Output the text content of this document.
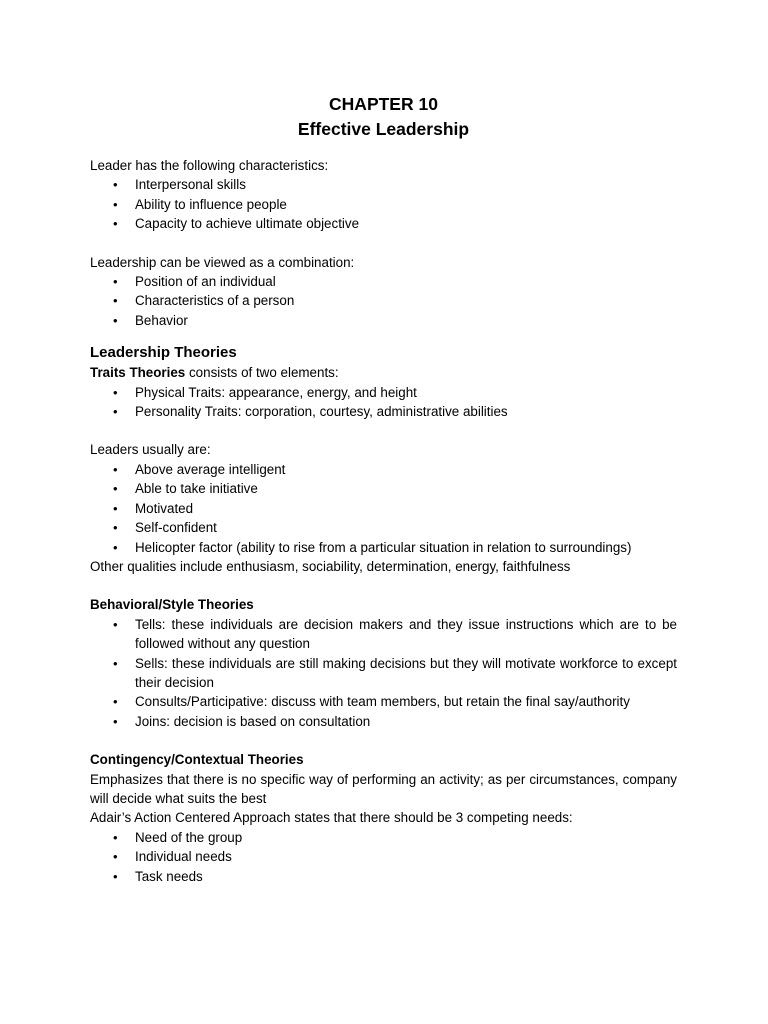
CHAPTER 10
Effective Leadership

Leader has the following characteristics:

• Interpersonal skills
• Ability to influence people
• Capacity to achieve ultimate objective

Leadership can be viewed as a combination:

• Position of an individual
• Characteristics of a person
• Behavior
Leadership Theories

Traits Theories consists of two elements:

• Physical Traits: appearance, energy, and height
• Personality Traits: corporation, courtesy, administrative abilities

Leaders usually are:

• Above average intelligent
• Able to take initiative
• Motivated
• Self-confident
• Helicopter factor (ability to rise from a particular situation in relation to surroundings)

Other qualities include enthusiasm, sociability, determination, energy, faithfulness

Behavioral/Style Theories
• Tells: these individuals are decision makers and they issue instructions which are to be followed without any question
• Sells: these individuals are still making decisions but they will motivate workforce to except their decision
• Consults/Participative: discuss with team members, but retain the final say/authority
• Joins: decision is based on consultation
Contingency/Contextual Theories

Emphasizes that there is no specific way of performing an activity; as per circumstances, company will decide what suits the best

Adair’s Action Centered Approach states that there should be 3 competing needs:

• Need of the group
• Individual needs
• Task needs
